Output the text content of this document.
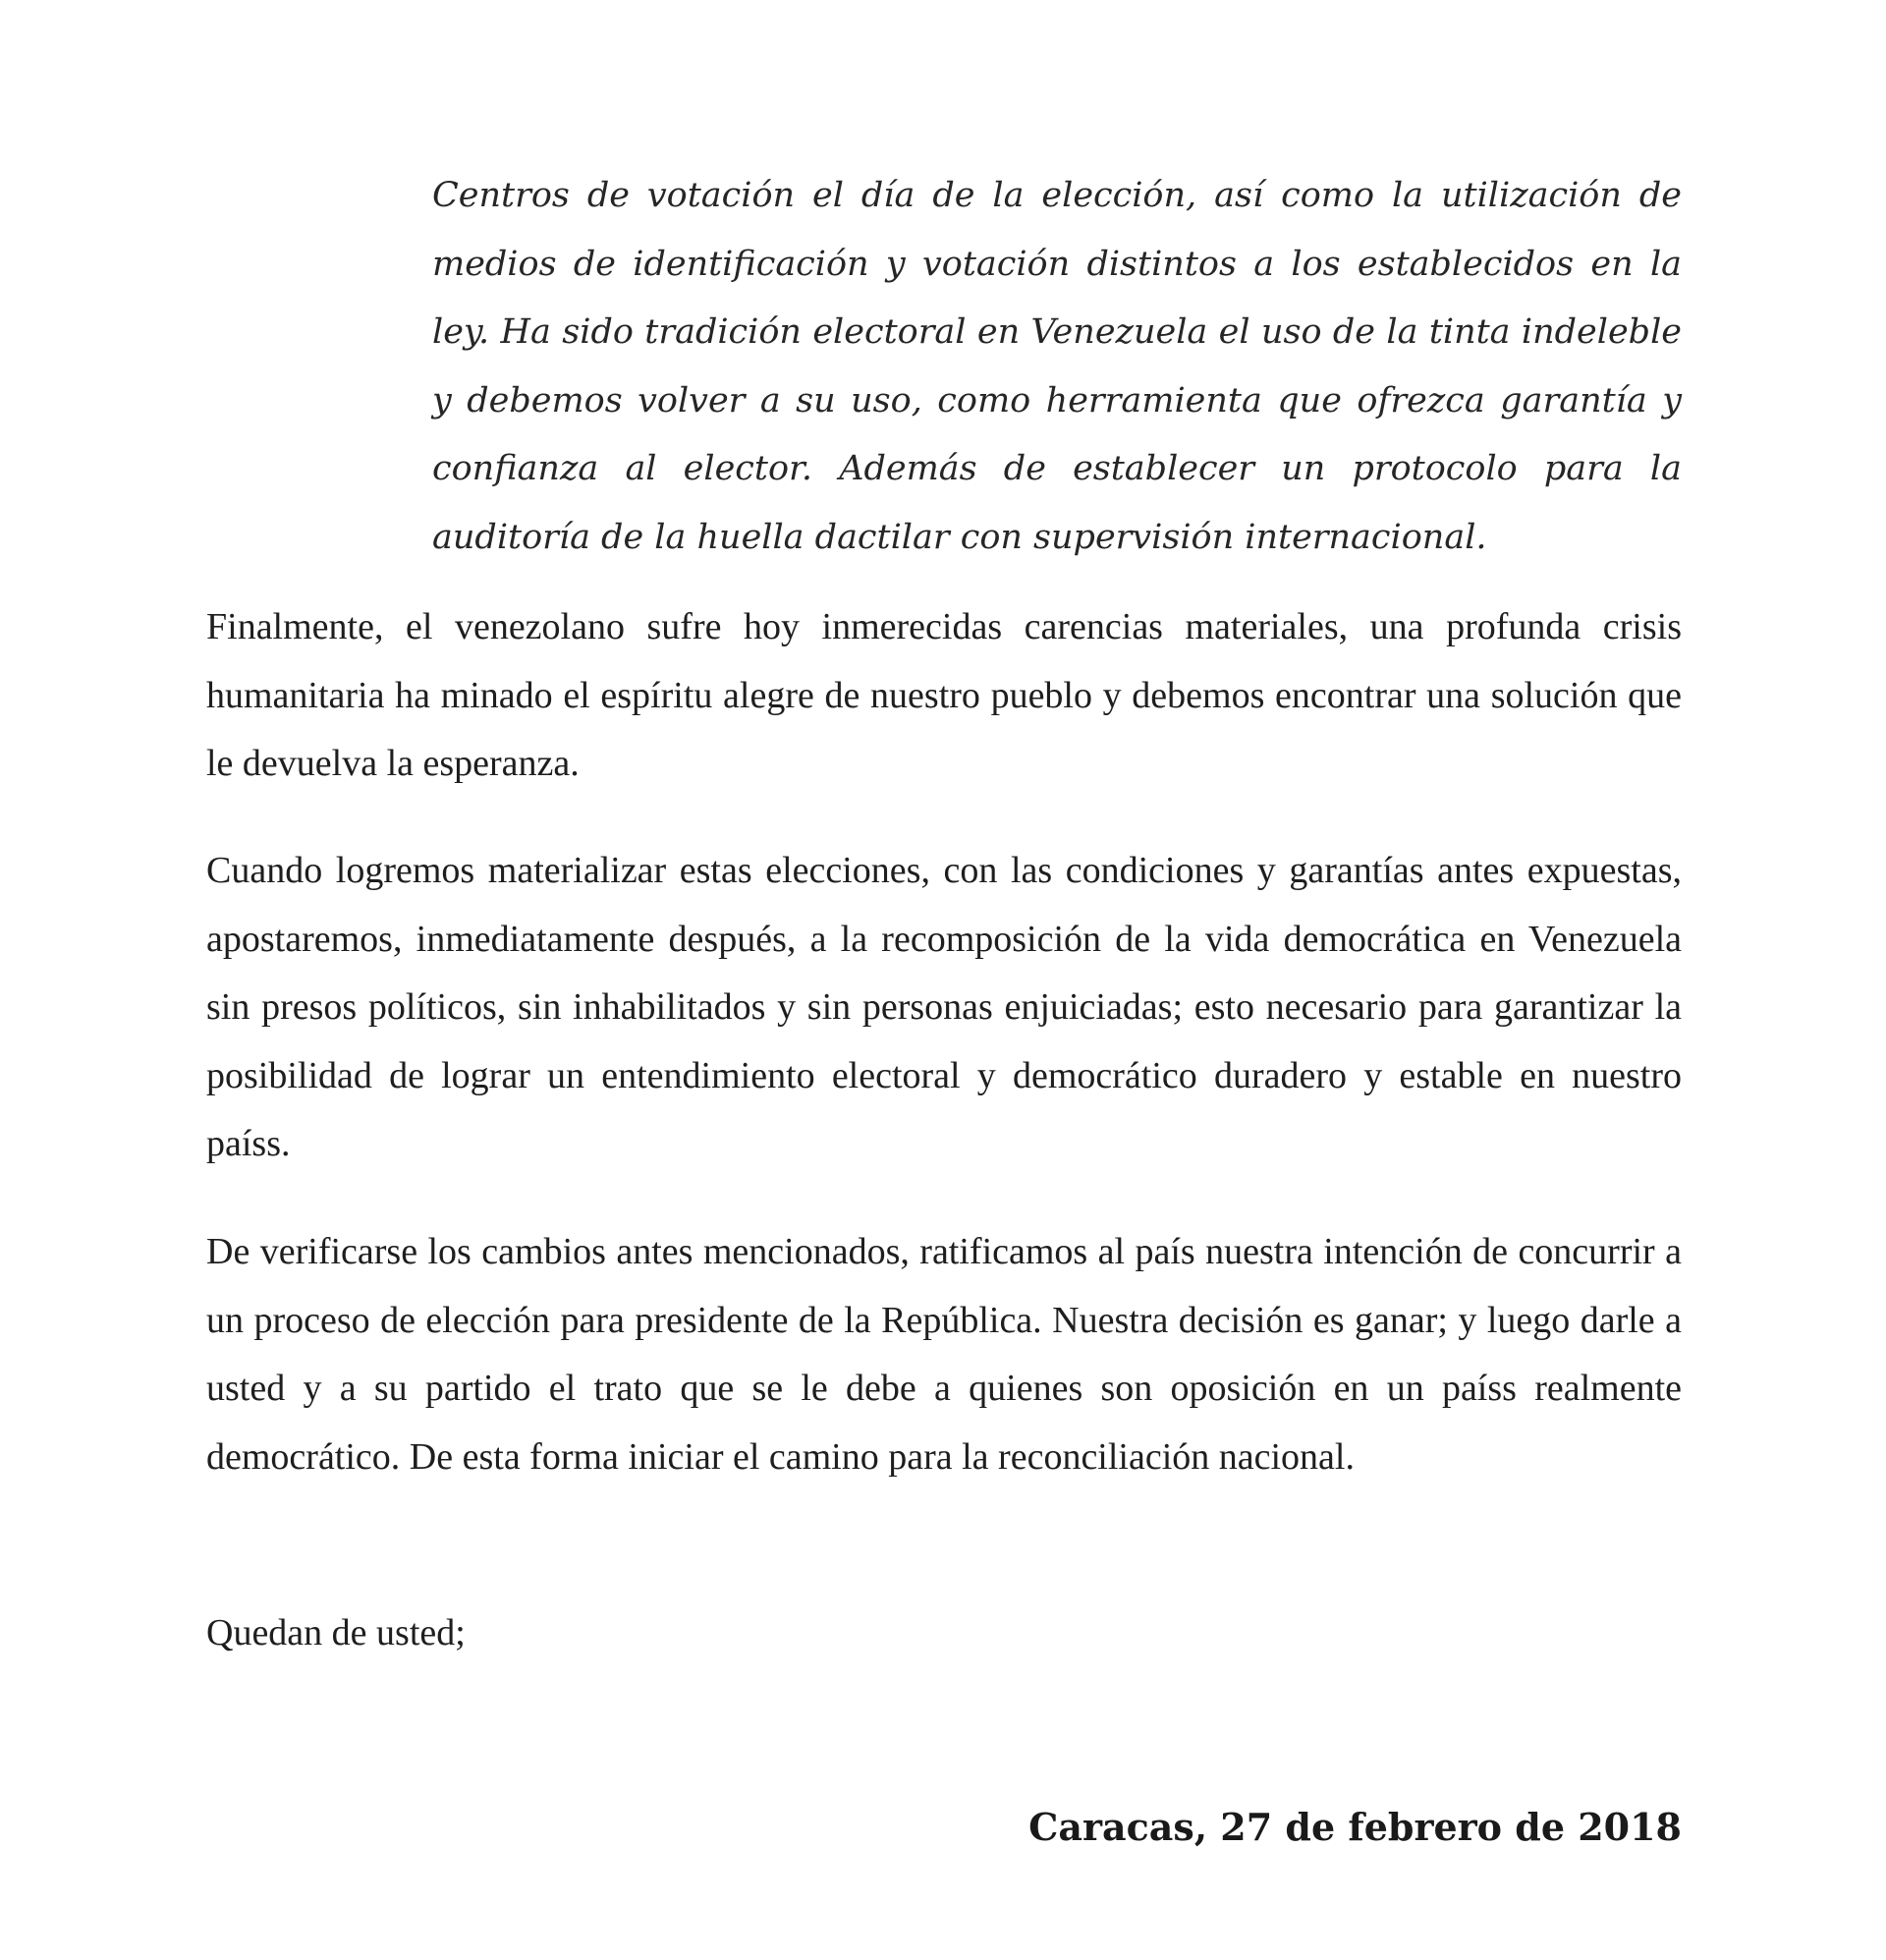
Centros de votación el día de la elección, así como la utilización de medios de identificación y votación distintos a los establecidos en la ley. Ha sido tradición electoral en Venezuela el uso de la tinta indeleble y debemos volver a su uso, como herramienta que ofrezca garantía y confianza al elector. Además de establecer un protocolo para la auditoría de la huella dactilar con supervisión internacional.

Finalmente, el venezolano sufre hoy inmerecidas carencias materiales, una profunda crisis humanitaria ha minado el espíritu alegre de nuestro pueblo y debemos encontrar una solución que le devuelva la esperanza.

Cuando logremos materializar estas elecciones, con las condiciones y garantías antes expuestas, apostaremos, inmediatamente después, a la recomposición de la vida democrática en Venezuela sin presos políticos, sin inhabilitados y sin personas enjuiciadas; esto necesario para garantizar la posibilidad de lograr un entendimiento electoral y democrático duradero y estable en nuestro paíss.

De verificarse los cambios antes mencionados, ratificamos al país nuestra intención de concurrir a un proceso de elección para presidente de la República. Nuestra decisión es ganar; y luego darle a usted y a su partido el trato que se le debe a quienes son oposición en un paíss realmente democrático. De esta forma iniciar el camino para la reconciliación nacional.

Quedan de usted;

Caracas, 27 de febrero de 2018
